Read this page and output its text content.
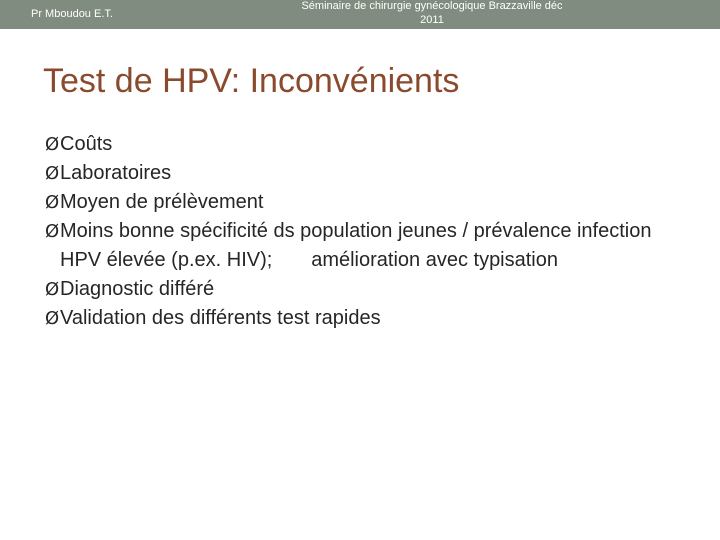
Pr Mboudou E.T.
Séminaire de chirurgie gynécologique Brazzaville déc
2011
Test de HPV: Inconvénients
Ø Coûts
Ø Laboratoires
Ø Moyen de prélèvement
Ø Moins bonne spécificité ds population jeunes / prévalence infection HPV élevée (p.ex. HIV);       amélioration avec typisation
Ø Diagnostic différé
Ø Validation des différents test rapides
